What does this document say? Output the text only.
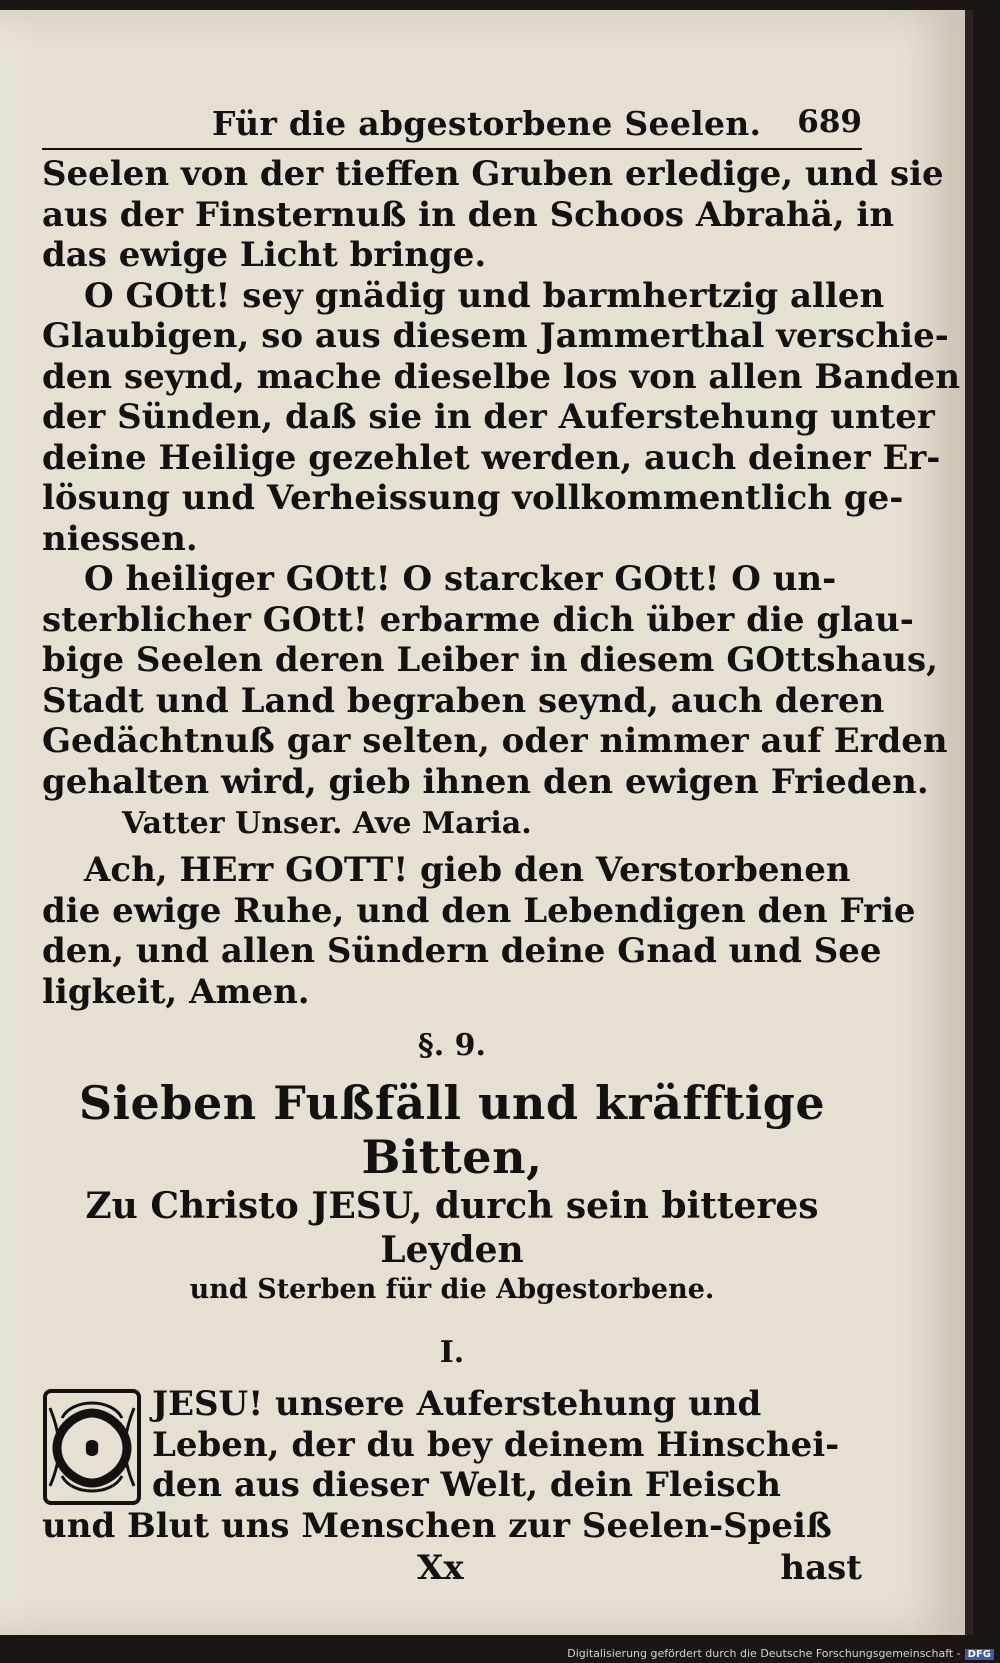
Für die abgestorbene Seelen. 689

Seelen von der tieffen Gruben erledige, und sie
aus der Finsternuß in den Schoos Abrahä, in
das ewige Licht bringe.

O GOtt! sey gnädig und barmhertzig allen
Glaubigen, so aus diesem Jammerthal verschie-
den seynd, mache dieselbe los von allen Banden
der Sünden, daß sie in der Auferstehung unter
deine Heilige gezehlet werden, auch deiner Er-
lösung und Verheissung vollkommentlich ge-
niessen.

O heiliger GOtt! O starcker GOtt! O un-
sterblicher GOtt! erbarme dich über die glau-
bige Seelen deren Leiber in diesem GOttshaus,
Stadt und Land begraben seynd, auch deren
Gedächtnuß gar selten, oder nimmer auf Erden
gehalten wird, gieb ihnen den ewigen Frieden.

Vatter Unser. Ave Maria.

Ach, HErr GOTT! gieb den Verstorbenen
die ewige Ruhe, und den Lebendigen den Frie
den, und allen Sündern deine Gnad und See
ligkeit, Amen.

§. 9.
Sieben Fußfäll und kräfftige Bitten,
Zu Christo JESU, durch sein bitteres Leyden
und Sterben für die Abgestorbene.
I.
O

JESU! unsere Auferstehung und
Leben, der du bey deinem Hinschei-
den aus dieser Welt, dein Fleisch
und Blut uns Menschen zur Seelen-Speiß

Xx	hast
Digitalisierung gefördert durch die Deutsche Forschungsgemeinschaft - DFG
